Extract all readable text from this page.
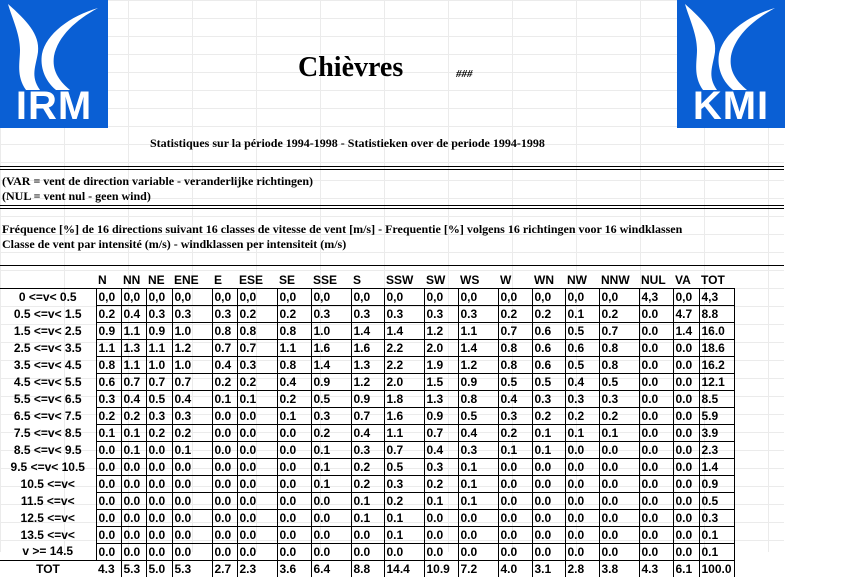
IRM	KMI
Chièvres	###
Statistiques sur la période 1994-1998 - Statistieken over de periode 1994-1998
(VAR = vent de direction variable - veranderlijke richtingen)
(NUL = vent nul - geen wind)
Fréquence [%] de 16 directions suivant 16 classes de vitesse de vent [m/s] - Frequentie [%] volgens 16 richtingen voor 16 windklassen
Classe de vent par intensité (m/s) - windklassen per intensiteit (m/s)
	N	NN	NE	ENE	E	ESE	SE	SSE	S	SSW	SW	WS	W	WN	NW	NNW	NUL	VA	TOT
0 <=v< 0.5	0,0	0,0	0,0	0,0	0,0	0,0	0,0	0,0	0,0	0,0	0,0	0,0	0,0	0,0	0,0	0,0	4,3	0,0	4,3
0.5 <=v< 1.5	0.2	0.4	0.3	0.3	0.3	0.2	0.2	0.3	0.3	0.3	0.3	0.3	0.2	0.2	0.1	0.2	0.0	4.7	8.8
1.5 <=v< 2.5	0.9	1.1	0.9	1.0	0.8	0.8	0.8	1.0	1.4	1.4	1.2	1.1	0.7	0.6	0.5	0.7	0.0	1.4	16.0
2.5 <=v< 3.5	1.1	1.3	1.1	1.2	0.7	0.7	1.1	1.6	1.6	2.2	2.0	1.4	0.8	0.6	0.6	0.8	0.0	0.0	18.6
3.5 <=v< 4.5	0.8	1.1	1.0	1.0	0.4	0.3	0.8	1.4	1.3	2.2	1.9	1.2	0.8	0.6	0.5	0.8	0.0	0.0	16.2
4.5 <=v< 5.5	0.6	0.7	0.7	0.7	0.2	0.2	0.4	0.9	1.2	2.0	1.5	0.9	0.5	0.5	0.4	0.5	0.0	0.0	12.1
5.5 <=v< 6.5	0.3	0.4	0.5	0.4	0.1	0.1	0.2	0.5	0.9	1.8	1.3	0.8	0.4	0.3	0.3	0.3	0.0	0.0	8.5
6.5 <=v< 7.5	0.2	0.2	0.3	0.3	0.0	0.0	0.1	0.3	0.7	1.6	0.9	0.5	0.3	0.2	0.2	0.2	0.0	0.0	5.9
7.5 <=v< 8.5	0.1	0.1	0.2	0.2	0.0	0.0	0.0	0.2	0.4	1.1	0.7	0.4	0.2	0.1	0.1	0.1	0.0	0.0	3.9
8.5 <=v< 9.5	0.0	0.1	0.0	0.1	0.0	0.0	0.0	0.1	0.3	0.7	0.4	0.3	0.1	0.1	0.0	0.0	0.0	0.0	2.3
9.5 <=v< 10.5	0.0	0.0	0.0	0.0	0.0	0.0	0.0	0.1	0.2	0.5	0.3	0.1	0.0	0.0	0.0	0.0	0.0	0.0	1.4
10.5 <=v<	0.0	0.0	0.0	0.0	0.0	0.0	0.0	0.1	0.2	0.3	0.2	0.1	0.0	0.0	0.0	0.0	0.0	0.0	0.9
11.5 <=v<	0.0	0.0	0.0	0.0	0.0	0.0	0.0	0.0	0.1	0.2	0.1	0.1	0.0	0.0	0.0	0.0	0.0	0.0	0.5
12.5 <=v<	0.0	0.0	0.0	0.0	0.0	0.0	0.0	0.0	0.1	0.1	0.0	0.0	0.0	0.0	0.0	0.0	0.0	0.0	0.3
13.5 <=v<	0.0	0.0	0.0	0.0	0.0	0.0	0.0	0.0	0.0	0.1	0.0	0.0	0.0	0.0	0.0	0.0	0.0	0.0	0.1
v >= 14.5	0.0	0.0	0.0	0.0	0.0	0.0	0.0	0.0	0.0	0.0	0.0	0.0	0.0	0.0	0.0	0.0	0.0	0.0	0.1
TOT	4.3	5.3	5.0	5.3	2.7	2.3	3.6	6.4	8.8	14.4	10.9	7.2	4.0	3.1	2.8	3.8	4.3	6.1	100.0
